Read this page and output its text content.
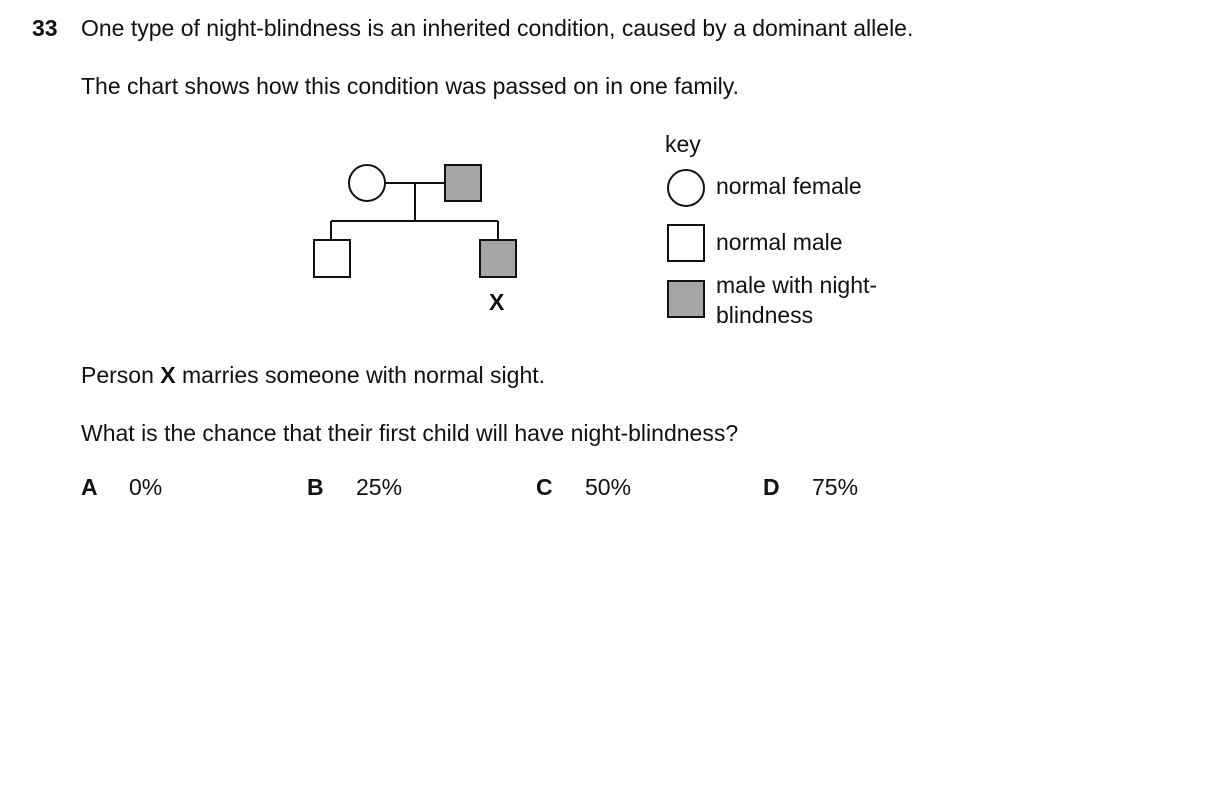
33 One type of night-blindness is an inherited condition, caused by a dominant allele.
The chart shows how this condition was passed on in one family.
X
key
normal female
normal male
male with night-blindness
Person X marries someone with normal sight.
What is the chance that their first child will have night-blindness?
A 0%	B 25%	C 50%	D 75%
